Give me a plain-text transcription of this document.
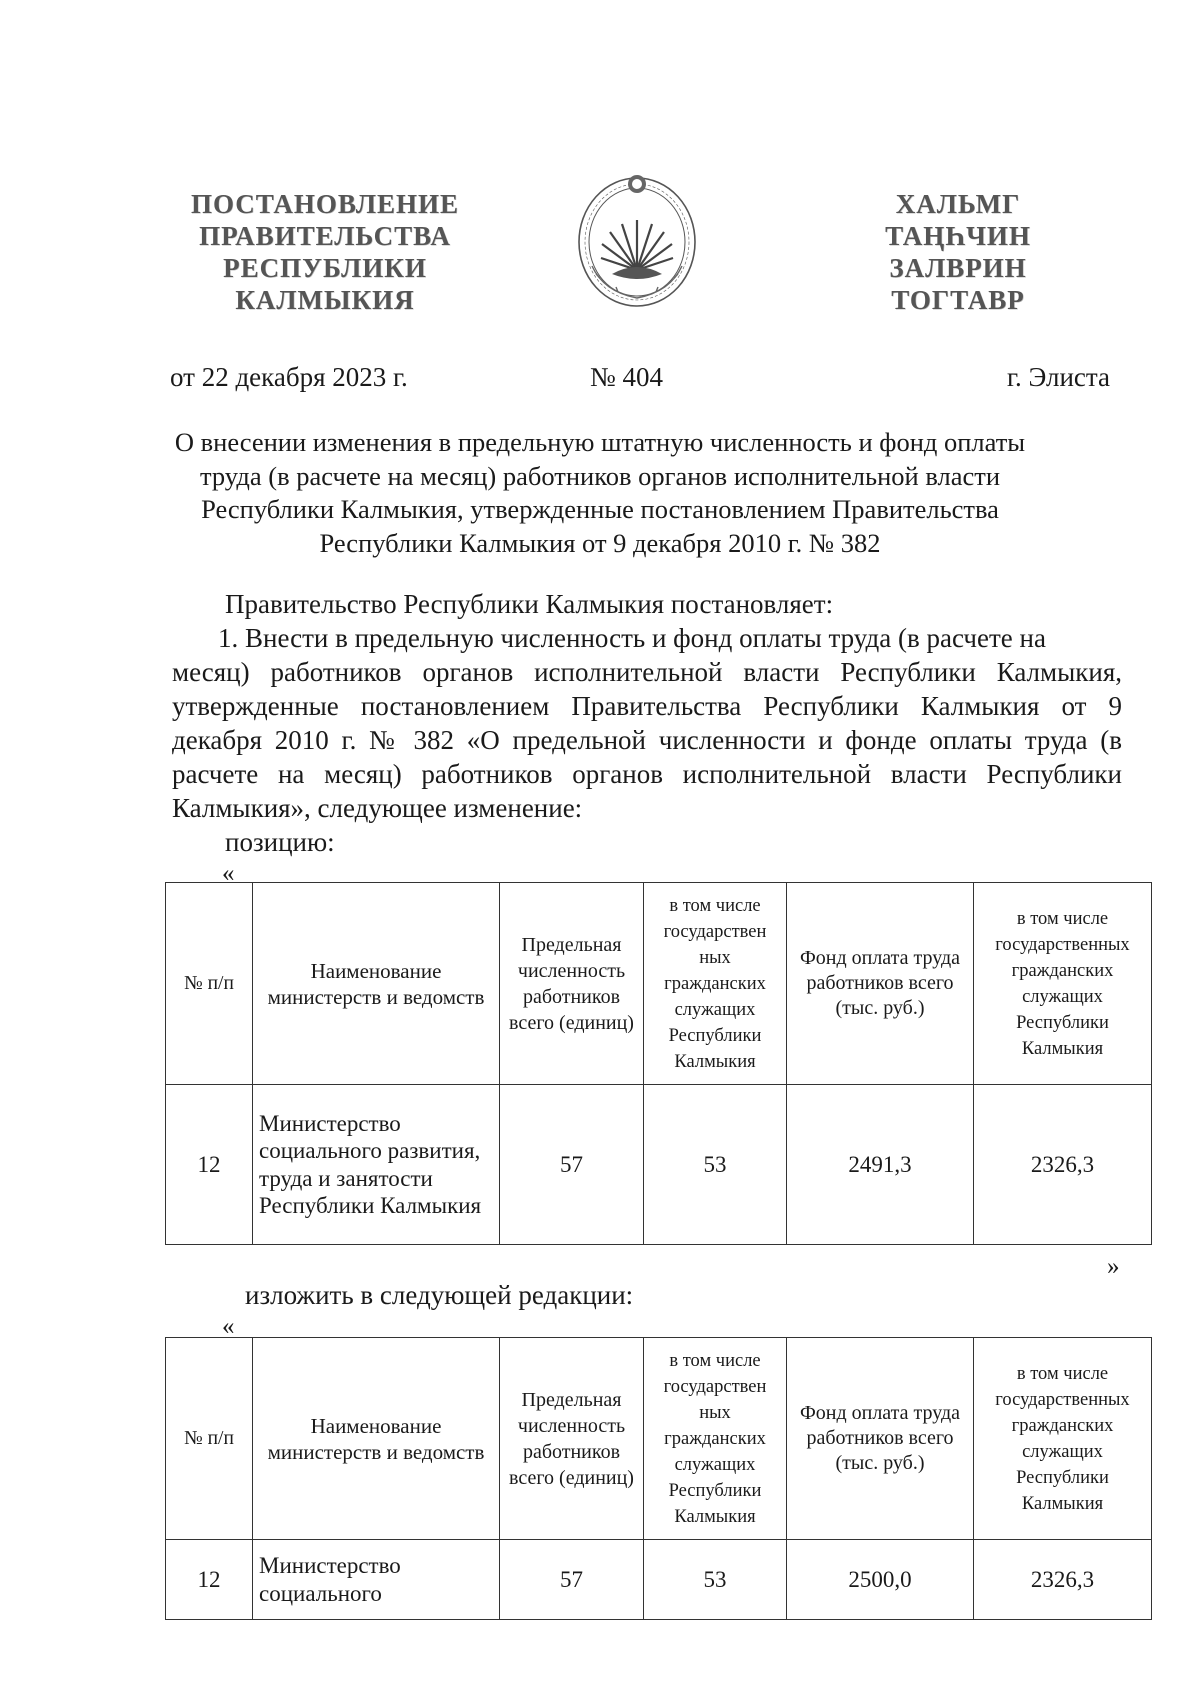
ПОСТАНОВЛЕНИЕ
ПРАВИТЕЛЬСТВА
РЕСПУБЛИКИ
КАЛМЫКИЯ
ХАЛЬМГ
ТАҢҺЧИН
ЗАЛВРИН
ТОГТАВР
от 22 декабря 2023 г.	№ 404	г. Элиста
О внесении изменения в предельную штатную численность и фонд оплаты
труда (в расчете на месяц) работников органов исполнительной власти
Республики Калмыкия, утвержденные постановлением Правительства
Республики Калмыкия от 9 декабря 2010 г. № 382
Правительство Республики Калмыкия постановляет:
1. Внести в предельную численность и фонд оплаты труда (в расчете на
месяц) работников органов исполнительной власти Республики Калмыкия, утвержденные постановлением Правительства Республики Калмыкия от 9 декабря 2010 г. № 382 «О предельной численности и фонде оплаты труда (в расчете на месяц) работников органов исполнительной власти Республики Калмыкия», следующее изменение:
позицию:
«
№ п/п	Наименование министерств и ведомств	Предельная численность работников всего (единиц)	в том числе государствен ных гражданских служащих Республики Калмыкия	Фонд оплата труда работников всего (тыс. руб.)	в том числе государственных гражданских служащих Республики Калмыкия
12	Министерство социального развития, труда и занятости Республики Калмыкия	57	53	2491,3	2326,3
»
изложить в следующей редакции:
«
№ п/п	Наименование министерств и ведомств	Предельная численность работников всего (единиц)	в том числе государствен ных гражданских служащих Республики Калмыкия	Фонд оплата труда работников всего (тыс. руб.)	в том числе государственных гражданских служащих Республики Калмыкия
12	Министерство социального	57	53	2500,0	2326,3
